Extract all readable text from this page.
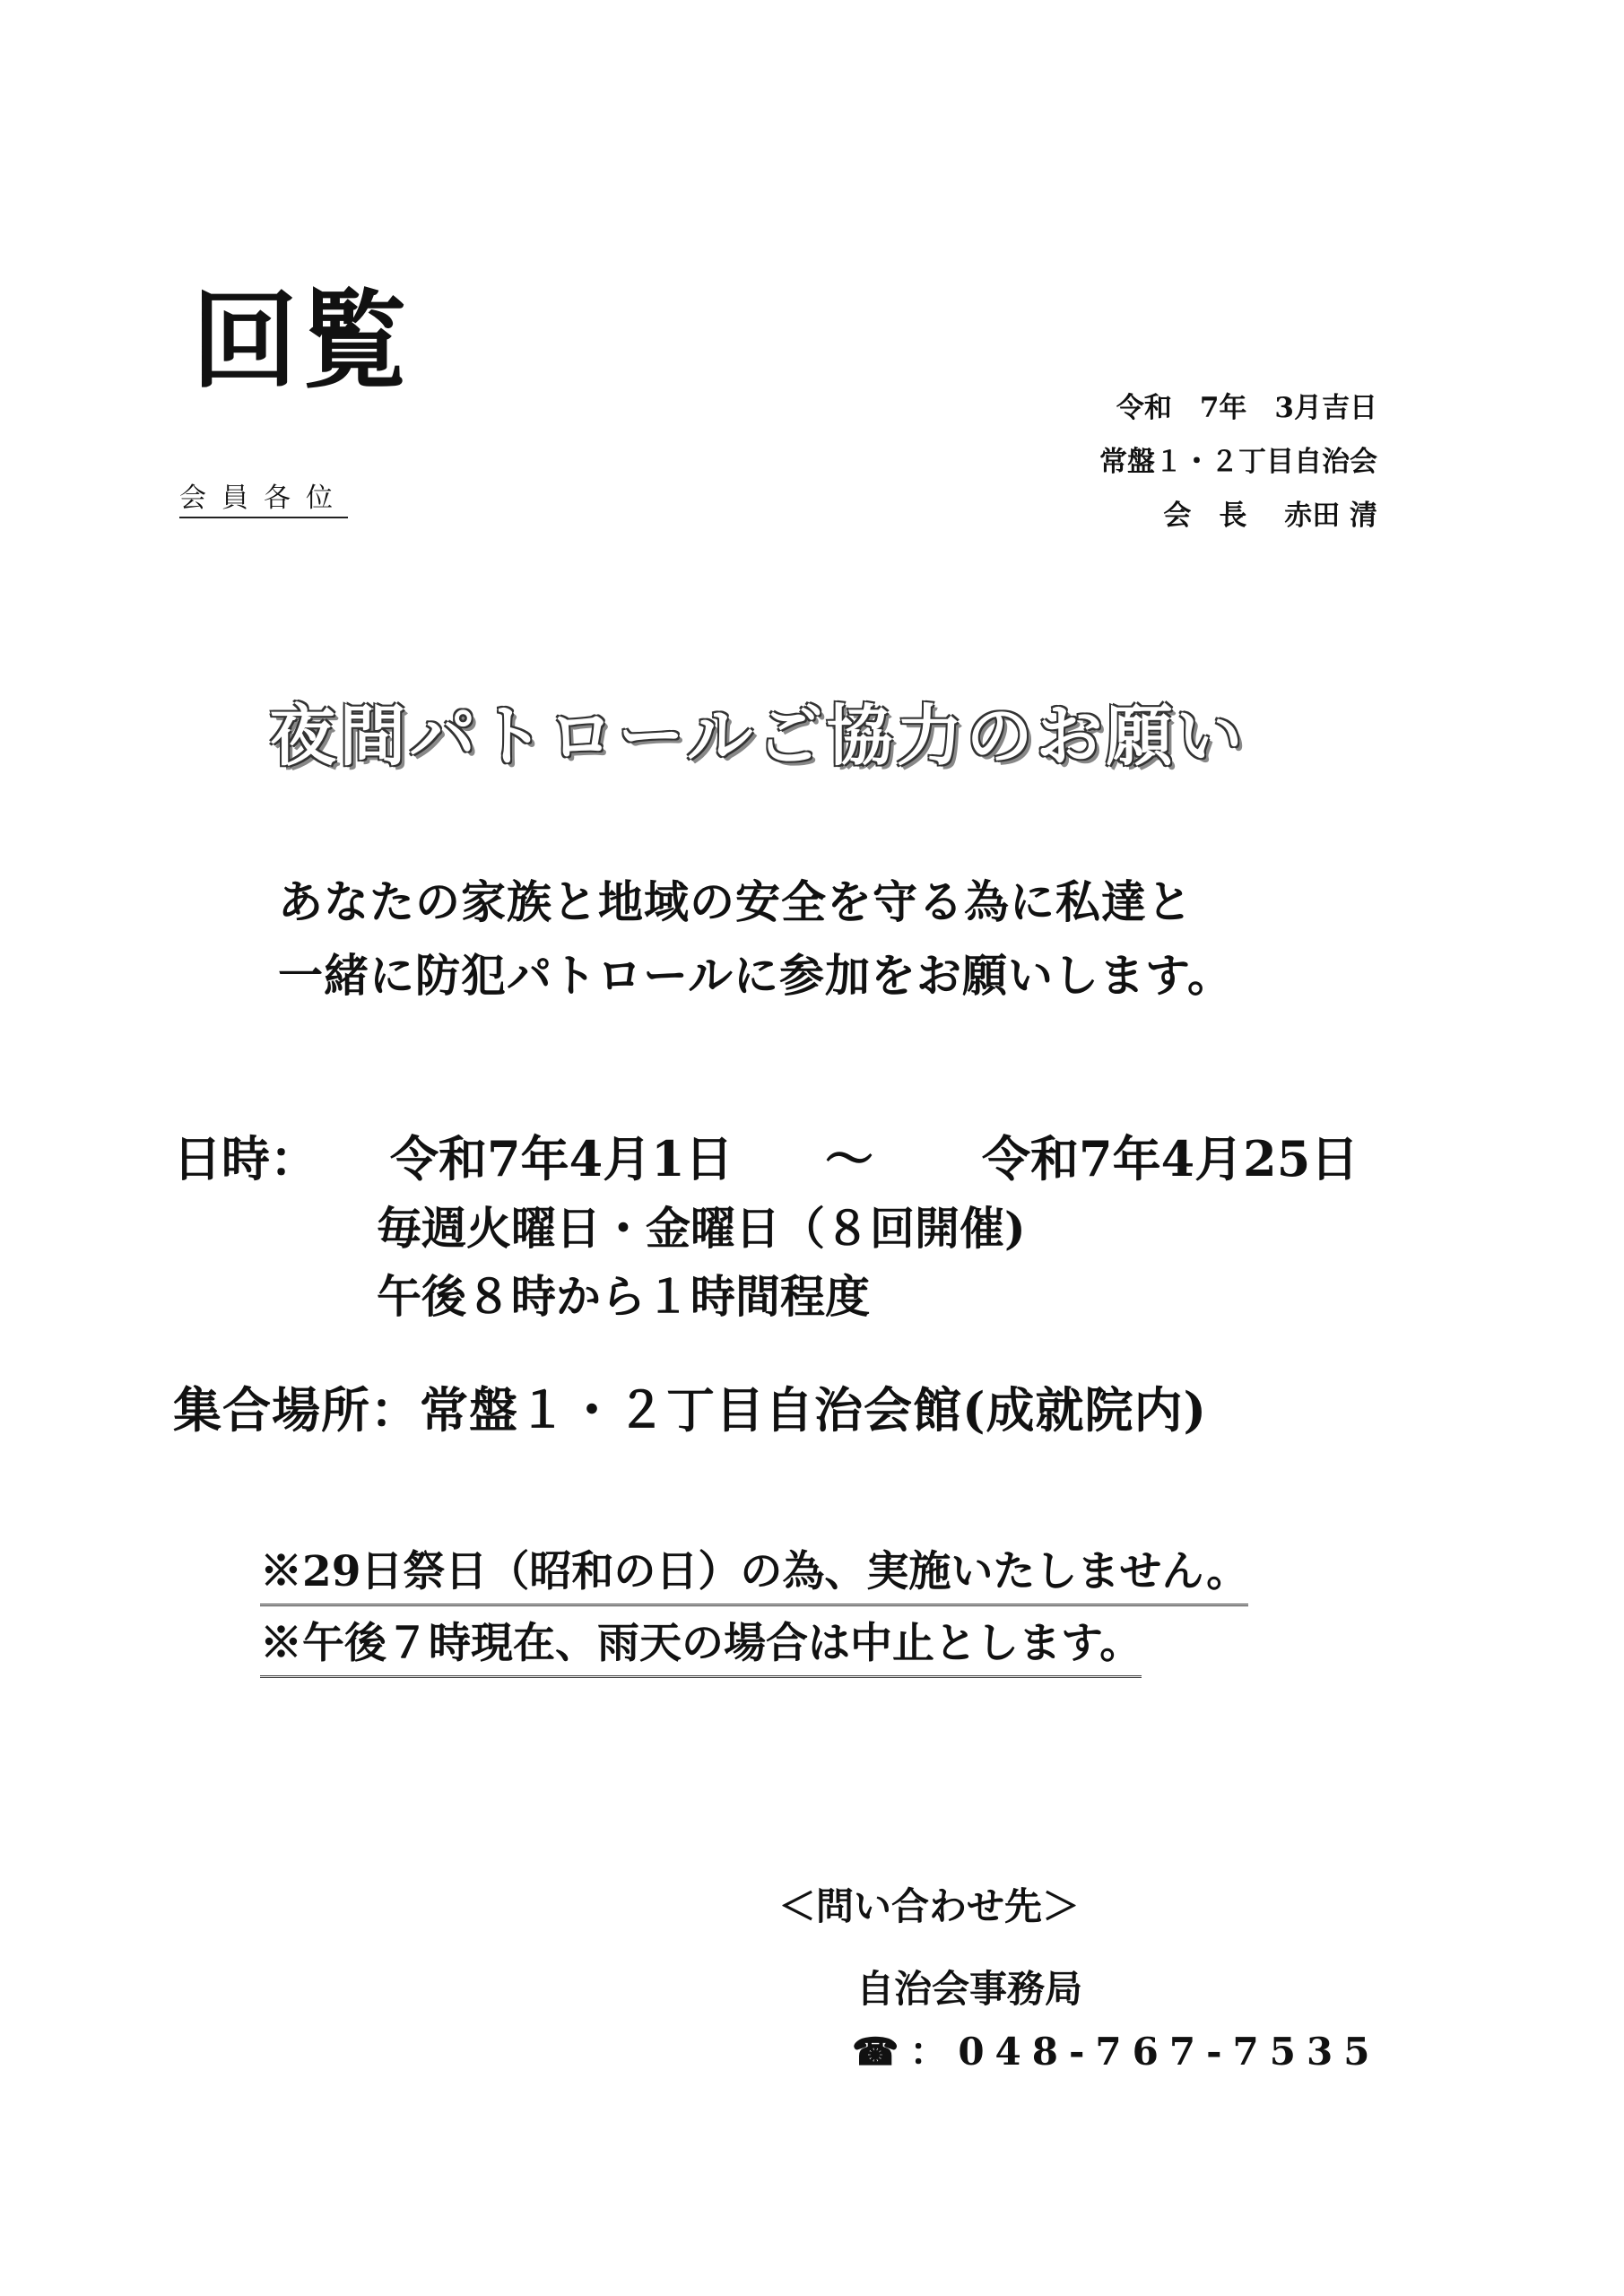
回覧
令和　7年　3月吉日
常盤１・２丁目自治会
会　長　 赤田 清
会員各位
夜間パトロールご協力のお願い
あなたの家族と地域の安全を守る為に私達と
一緒に防犯パトロールに参加をお願いします。
日時： 令和7年4月1日 ～ 令和7年4月25日
毎週火曜日・金曜日（８回開催)
午後８時から１時間程度
集合場所：常盤１・２丁目自治会館(成就院内)
※29日祭日（昭和の日）の為、実施いたしません。
※午後７時現在、雨天の場合は中止とします。
＜問い合わせ先＞
自治会事務局
☎：048-767-7535
